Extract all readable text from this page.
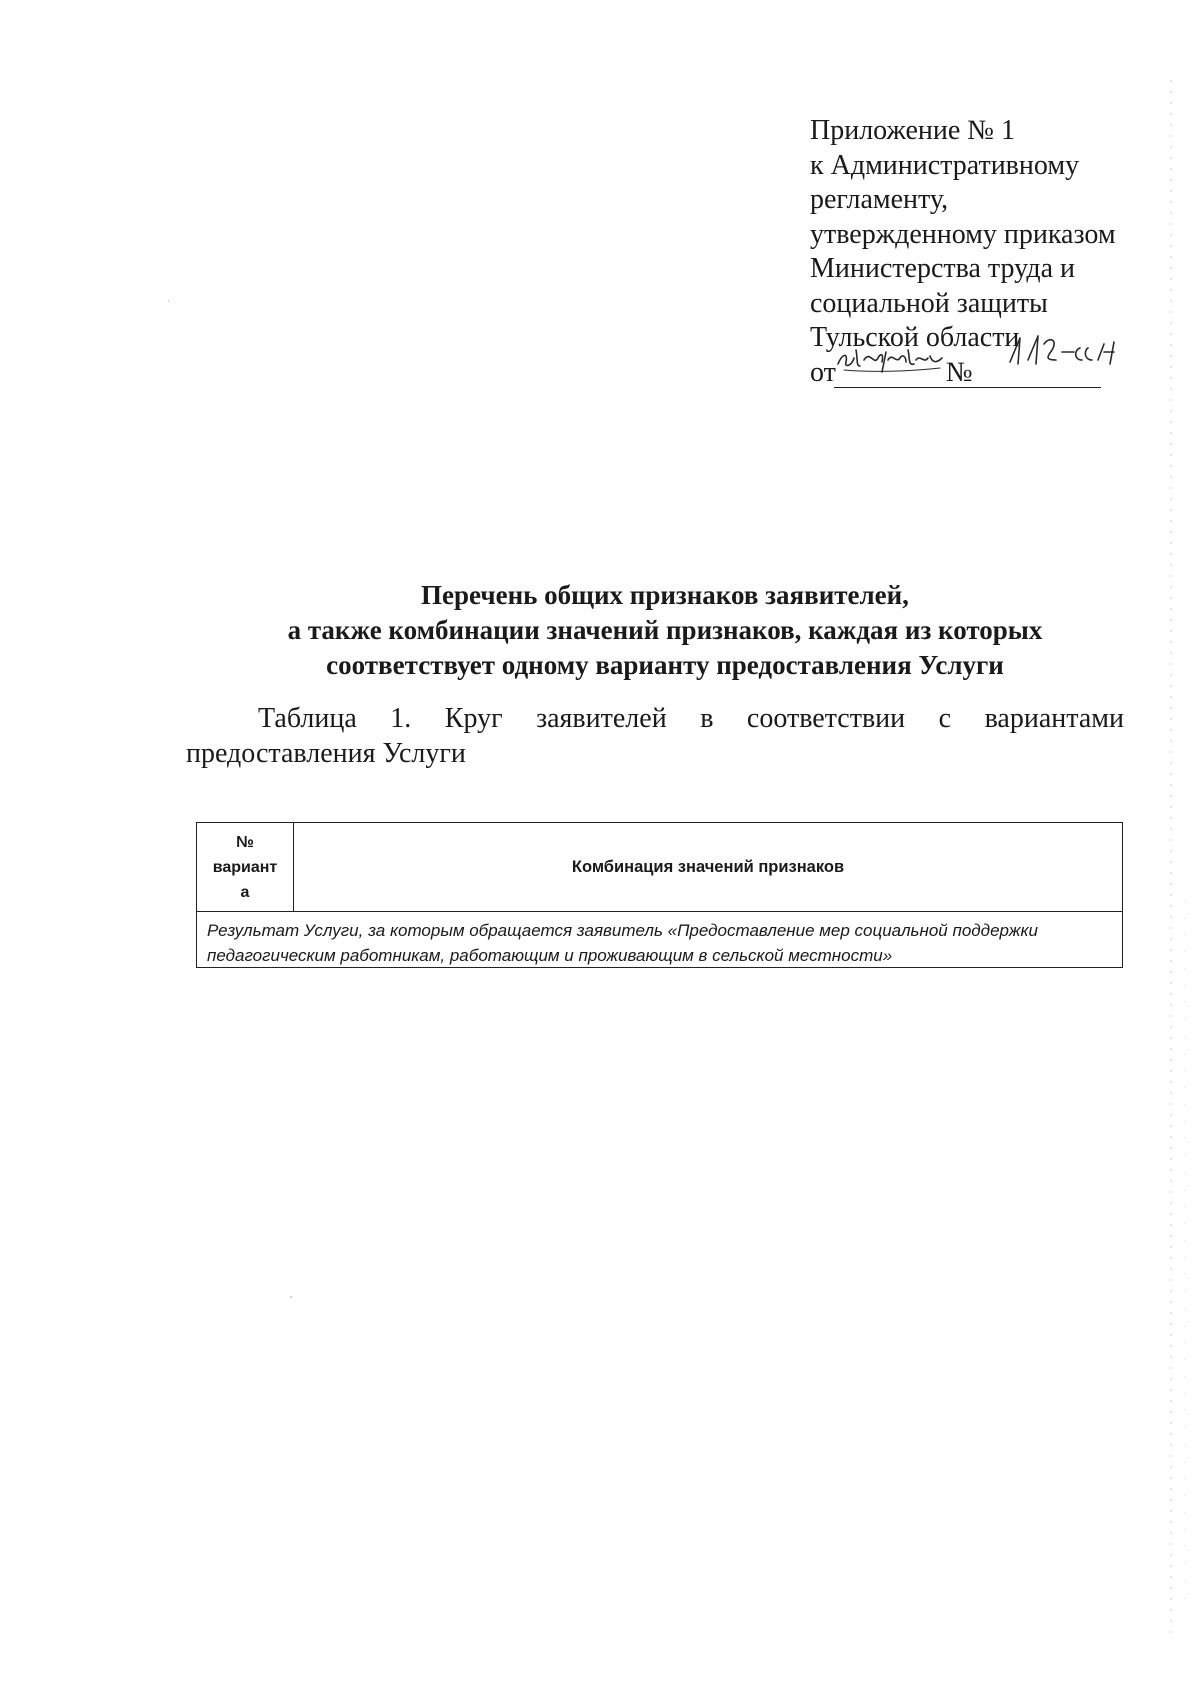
Приложение № 1
к Административному
регламенту,
утвержденному приказом
Министерства труда и
социальной защиты
Тульской области
от	№
Перечень общих признаков заявителей,
а также комбинации значений признаков, каждая из которых
соответствует одному варианту предоставления Услуги
Таблица 1. Круг заявителей в соответствии с вариантами
предоставления Услуги
№
вариант
а
Комбинация значений признаков
Результат Услуги, за которым обращается заявитель «Предоставление мер социальной поддержки
педагогическим работникам, работающим и проживающим в сельской местности»
